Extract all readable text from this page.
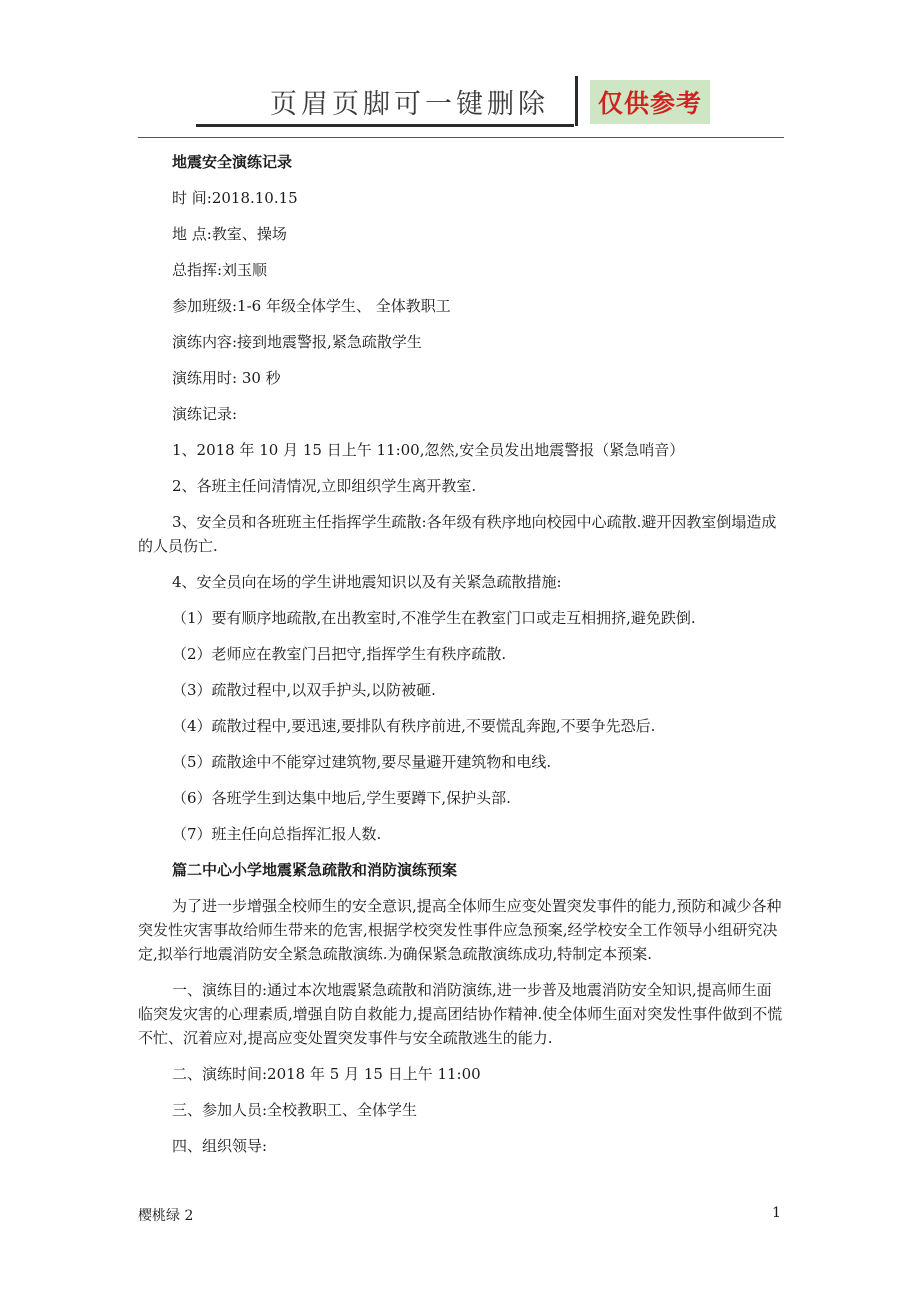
页眉页脚可一键删除 仅供参考

地震安全演练记录

时 间:2018.10.15

地 点:教室、操场

总指挥:刘玉顺

参加班级:1-6 年级全体学生、 全体教职工

演练内容:接到地震警报,紧急疏散学生

演练用时: 30 秒

演练记录:

1、2018 年 10 月 15 日上午 11:00,忽然,安全员发出地震警报（紧急哨音）

2、各班主任问清情况,立即组织学生离开教室.

3、安全员和各班班主任指挥学生疏散:各年级有秩序地向校园中心疏散.避开因教室倒塌造成的人员伤亡.

4、安全员向在场的学生讲地震知识以及有关紧急疏散措施:

（1）要有顺序地疏散,在出教室时,不准学生在教室门口或走互相拥挤,避免跌倒.

（2）老师应在教室门吕把守,指挥学生有秩序疏散.

（3）疏散过程中,以双手护头,以防被砸.

（4）疏散过程中,要迅速,要排队有秩序前进,不要慌乱奔跑,不要争先恐后.

（5）疏散途中不能穿过建筑物,要尽量避开建筑物和电线.

（6）各班学生到达集中地后,学生要蹲下,保护头部.

（7）班主任向总指挥汇报人数.

篇二中心小学地震紧急疏散和消防演练预案

为了进一步增强全校师生的安全意识,提高全体师生应变处置突发事件的能力,预防和减少各种突发性灾害事故给师生带来的危害,根据学校突发性事件应急预案,经学校安全工作领导小组研究决定,拟举行地震消防安全紧急疏散演练.为确保紧急疏散演练成功,特制定本预案.

一、演练目的:通过本次地震紧急疏散和消防演练,进一步普及地震消防安全知识,提高师生面临突发灾害的心理素质,增强自防自救能力,提高团结协作精神.使全体师生面对突发性事件做到不慌不忙、沉着应对,提高应变处置突发事件与安全疏散逃生的能力.

二、演练时间:2018 年 5 月 15 日上午 11:00

三、参加人员:全校教职工、全体学生

四、组织领导:

樱桃绿 2	1
